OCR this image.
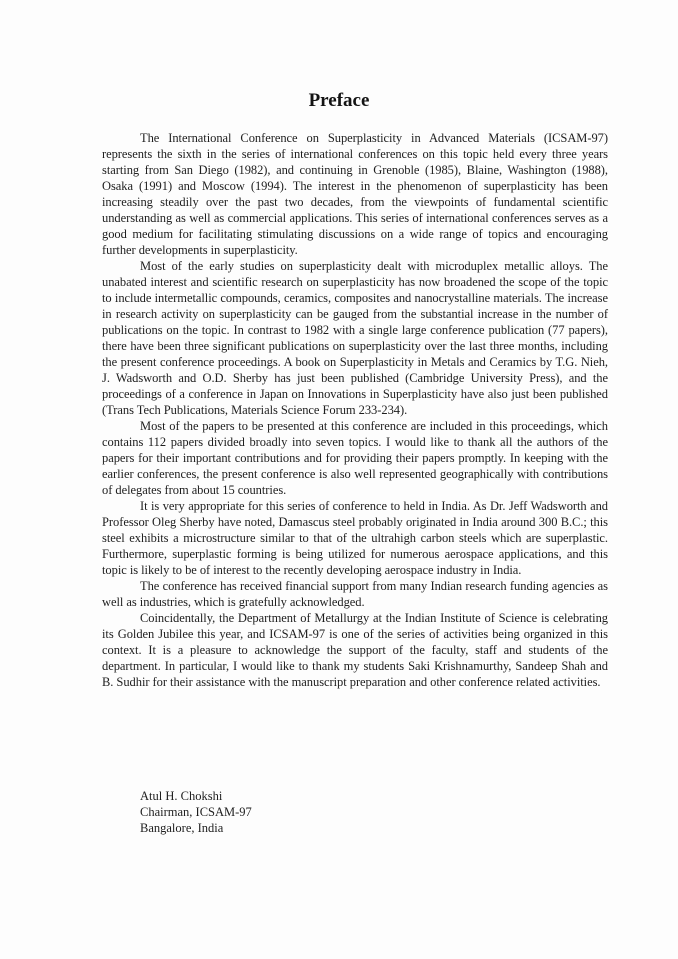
Preface

The International Conference on Superplasticity in Advanced Materials (ICSAM-97) represents the sixth in the series of international conferences on this topic held every three years starting from San Diego (1982), and continuing in Grenoble (1985), Blaine, Washington (1988), Osaka (1991) and Moscow (1994). The interest in the phenomenon of superplasticity has been increasing steadily over the past two decades, from the viewpoints of fundamental scientific understanding as well as commercial applications. This series of international conferences serves as a good medium for facilitating stimulating discussions on a wide range of topics and encouraging further developments in superplasticity.

Most of the early studies on superplasticity dealt with microduplex metallic alloys. The unabated interest and scientific research on superplasticity has now broadened the scope of the topic to include intermetallic compounds, ceramics, composites and nanocrystalline materials. The increase in research activity on superplasticity can be gauged from the substantial increase in the number of publications on the topic. In contrast to 1982 with a single large conference publication (77 papers), there have been three significant publications on superplasticity over the last three months, including the present conference proceedings. A book on Superplasticity in Metals and Ceramics by T.G. Nieh, J. Wadsworth and O.D. Sherby has just been published (Cambridge University Press), and the proceedings of a conference in Japan on Innovations in Superplasticity have also just been published (Trans Tech Publications, Materials Science Forum 233-234).

Most of the papers to be presented at this conference are included in this proceedings, which contains 112 papers divided broadly into seven topics. I would like to thank all the authors of the papers for their important contributions and for providing their papers promptly. In keeping with the earlier conferences, the present conference is also well represented geographically with contributions of delegates from about 15 countries.

It is very appropriate for this series of conference to held in India. As Dr. Jeff Wadsworth and Professor Oleg Sherby have noted, Damascus steel probably originated in India around 300 B.C.; this steel exhibits a microstructure similar to that of the ultrahigh carbon steels which are superplastic. Furthermore, superplastic forming is being utilized for numerous aerospace applications, and this topic is likely to be of interest to the recently developing aerospace industry in India.

The conference has received financial support from many Indian research funding agencies as well as industries, which is gratefully acknowledged.

Coincidentally, the Department of Metallurgy at the Indian Institute of Science is celebrating its Golden Jubilee this year, and ICSAM-97 is one of the series of activities being organized in this context. It is a pleasure to acknowledge the support of the faculty, staff and students of the department. In particular, I would like to thank my students Saki Krishnamurthy, Sandeep Shah and B. Sudhir for their assistance with the manuscript preparation and other conference related activities.

Atul H. Chokshi
Chairman, ICSAM-97
Bangalore, India
